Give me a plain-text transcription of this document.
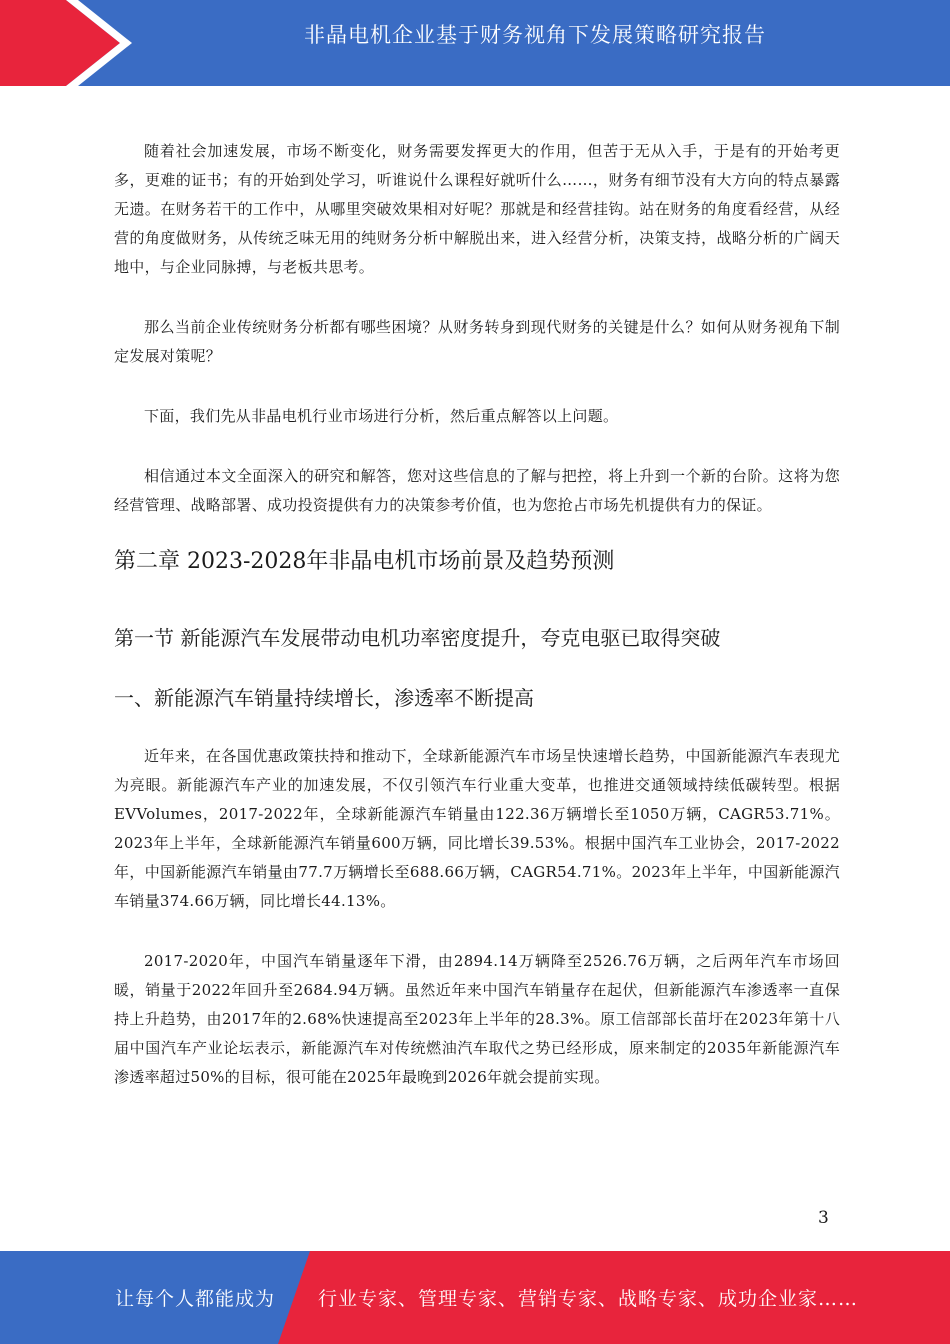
非晶电机企业基于财务视角下发展策略研究报告

随着社会加速发展，市场不断变化，财务需要发挥更大的作用，但苦于无从入手，于是有的开始考更多，更难的证书；有的开始到处学习，听谁说什么课程好就听什么……，财务有细节没有大方向的特点暴露无遗。在财务若干的工作中，从哪里突破效果相对好呢？那就是和经营挂钩。站在财务的角度看经营，从经营的角度做财务，从传统乏味无用的纯财务分析中解脱出来，进入经营分析，决策支持，战略分析的广阔天地中，与企业同脉搏，与老板共思考。

那么当前企业传统财务分析都有哪些困境？从财务转身到现代财务的关键是什么？如何从财务视角下制定发展对策呢？

下面，我们先从非晶电机行业市场进行分析，然后重点解答以上问题。

相信通过本文全面深入的研究和解答，您对这些信息的了解与把控，将上升到一个新的台阶。这将为您经营管理、战略部署、成功投资提供有力的决策参考价值，也为您抢占市场先机提供有力的保证。

第二章 2023-2028年非晶电机市场前景及趋势预测
第一节 新能源汽车发展带动电机功率密度提升，夸克电驱已取得突破
一、新能源汽车销量持续增长，渗透率不断提高

近年来，在各国优惠政策扶持和推动下，全球新能源汽车市场呈快速增长趋势，中国新能源汽车表现尤为亮眼。新能源汽车产业的加速发展，不仅引领汽车行业重大变革，也推进交通领域持续低碳转型。根据EVVolumes，2017-2022年，全球新能源汽车销量由122.36万辆增长至1050万辆，CAGR53.71%。2023年上半年，全球新能源汽车销量600万辆，同比增长39.53%。根据中国汽车工业协会，2017-2022年，中国新能源汽车销量由77.7万辆增长至688.66万辆，CAGR54.71%。2023年上半年，中国新能源汽车销量374.66万辆，同比增长44.13%。

2017-2020年，中国汽车销量逐年下滑，由2894.14万辆降至2526.76万辆，之后两年汽车市场回暖，销量于2022年回升至2684.94万辆。虽然近年来中国汽车销量存在起伏，但新能源汽车渗透率一直保持上升趋势，由2017年的2.68%快速提高至2023年上半年的28.3%。原工信部部长苗圩在2023年第十八届中国汽车产业论坛表示，新能源汽车对传统燃油汽车取代之势已经形成，原来制定的2035年新能源汽车渗透率超过50%的目标，很可能在2025年最晚到2026年就会提前实现。

3
让每个人都能成为 行业专家、管理专家、营销专家、战略专家、成功企业家……
